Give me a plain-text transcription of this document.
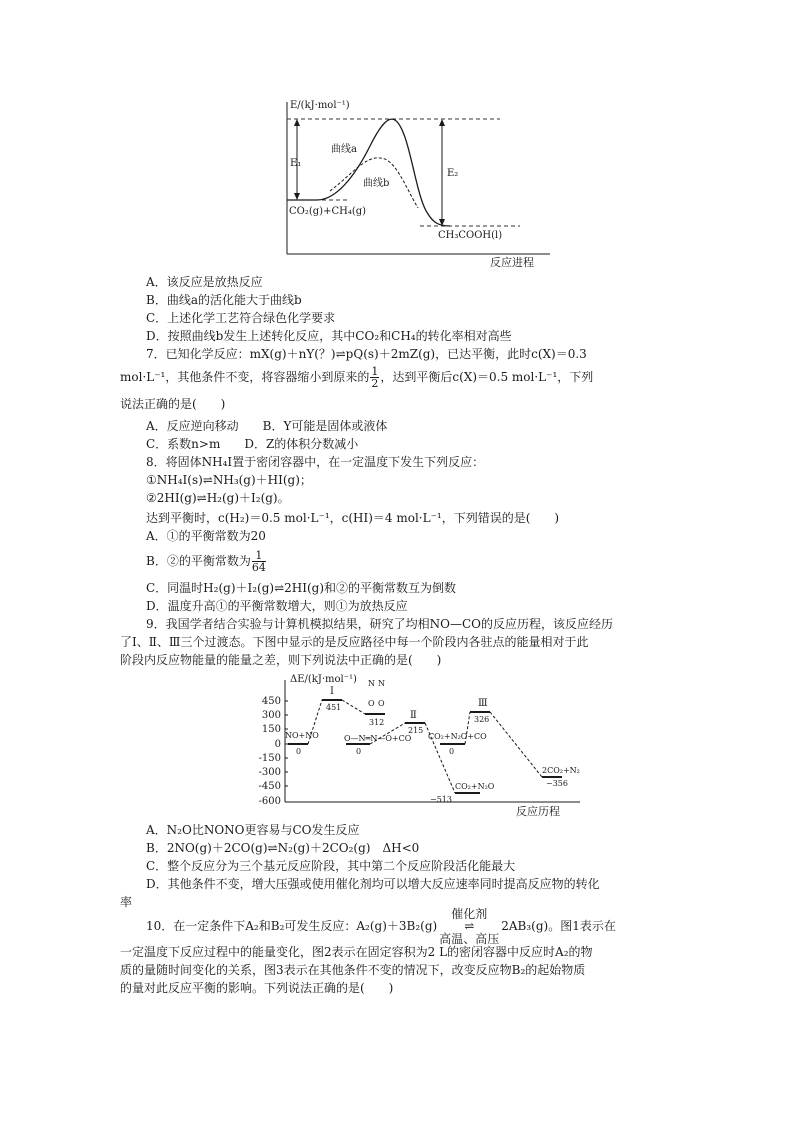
E/(kJ·mol⁻¹)
E₁
E₂
曲线a
曲线b
CO₂(g)+CH₄(g)
CH₃COOH(l)
反应进程
A．该反应是放热反应
B．曲线a的活化能大于曲线b
C．上述化学工艺符合绿色化学要求
D．按照曲线b发生上述转化反应，其中CO₂和CH₄的转化率相对高些
7．已知化学反应：mX(g)＋nY(？)⇌pQ(s)＋2mZ(g)，已达平衡，此时c(X)＝0.3
mol·L⁻¹，其他条件不变，将容器缩小到原来的 $\frac{1}{2}$ ，达到平衡后c(X)＝0.5 mol·L⁻¹，下列
说法正确的是(　　)
A．反应逆向移动　　B．Y可能是固体或液体
C．系数n>m　　D．Z的体积分数减小
8．将固体NH₄I置于密闭容器中，在一定温度下发生下列反应：
①NH₄I(s)⇌NH₃(g)＋HI(g)；
②2HI(g)⇌H₂(g)＋I₂(g)。
达到平衡时，c(H₂)＝0.5 mol·L⁻¹，c(HI)＝4 mol·L⁻¹，下列错误的是(　　)
A．①的平衡常数为20
B．②的平衡常数为 $\frac{1}{64}$
C．同温时H₂(g)＋I₂(g)⇌2HI(g)和②的平衡常数互为倒数
D．温度升高①的平衡常数增大，则①为放热反应
9．我国学者结合实验与计算机模拟结果，研究了均相NO—CO的反应历程，该反应经历
了Ⅰ、Ⅱ、Ⅲ三个过渡态。下图中显示的是反应路径中每一个阶段内各驻点的能量相对于此
阶段内反应物能量的能量之差，则下列说法中正确的是(　　)
ΔE/(kJ·mol⁻¹)
450
300
150
0
-150
-300
-450
-600
NO+NO
0
Ⅰ
451
N N
O O
312
O—N═N—O+CO
0
Ⅱ
215
CO₂+N₂O+CO
0
Ⅲ
326
CO₂+N₂O
−513
2CO₂+N₂
−356
反应历程
A．N₂O比NONO更容易与CO发生反应
B．2NO(g)＋2CO(g)⇌N₂(g)＋2CO₂(g)　ΔH<0
C．整个反应分为三个基元反应阶段，其中第二个反应阶段活化能最大
D．其他条件不变，增大压强或使用催化剂均可以增大反应速率同时提高反应物的转化
率
10．在一定条件下A₂和B₂可发生反应：A₂(g)＋3B₂(g)
催化剂
⇌
高温、高压
2AB₃(g)。图1表示在
一定温度下反应过程中的能量变化，图2表示在固定容积为2 L的密闭容器中反应时A₂的物
质的量随时间变化的关系，图3表示在其他条件不变的情况下，改变反应物B₂的起始物质
的量对此反应平衡的影响。下列说法正确的是(　　)
